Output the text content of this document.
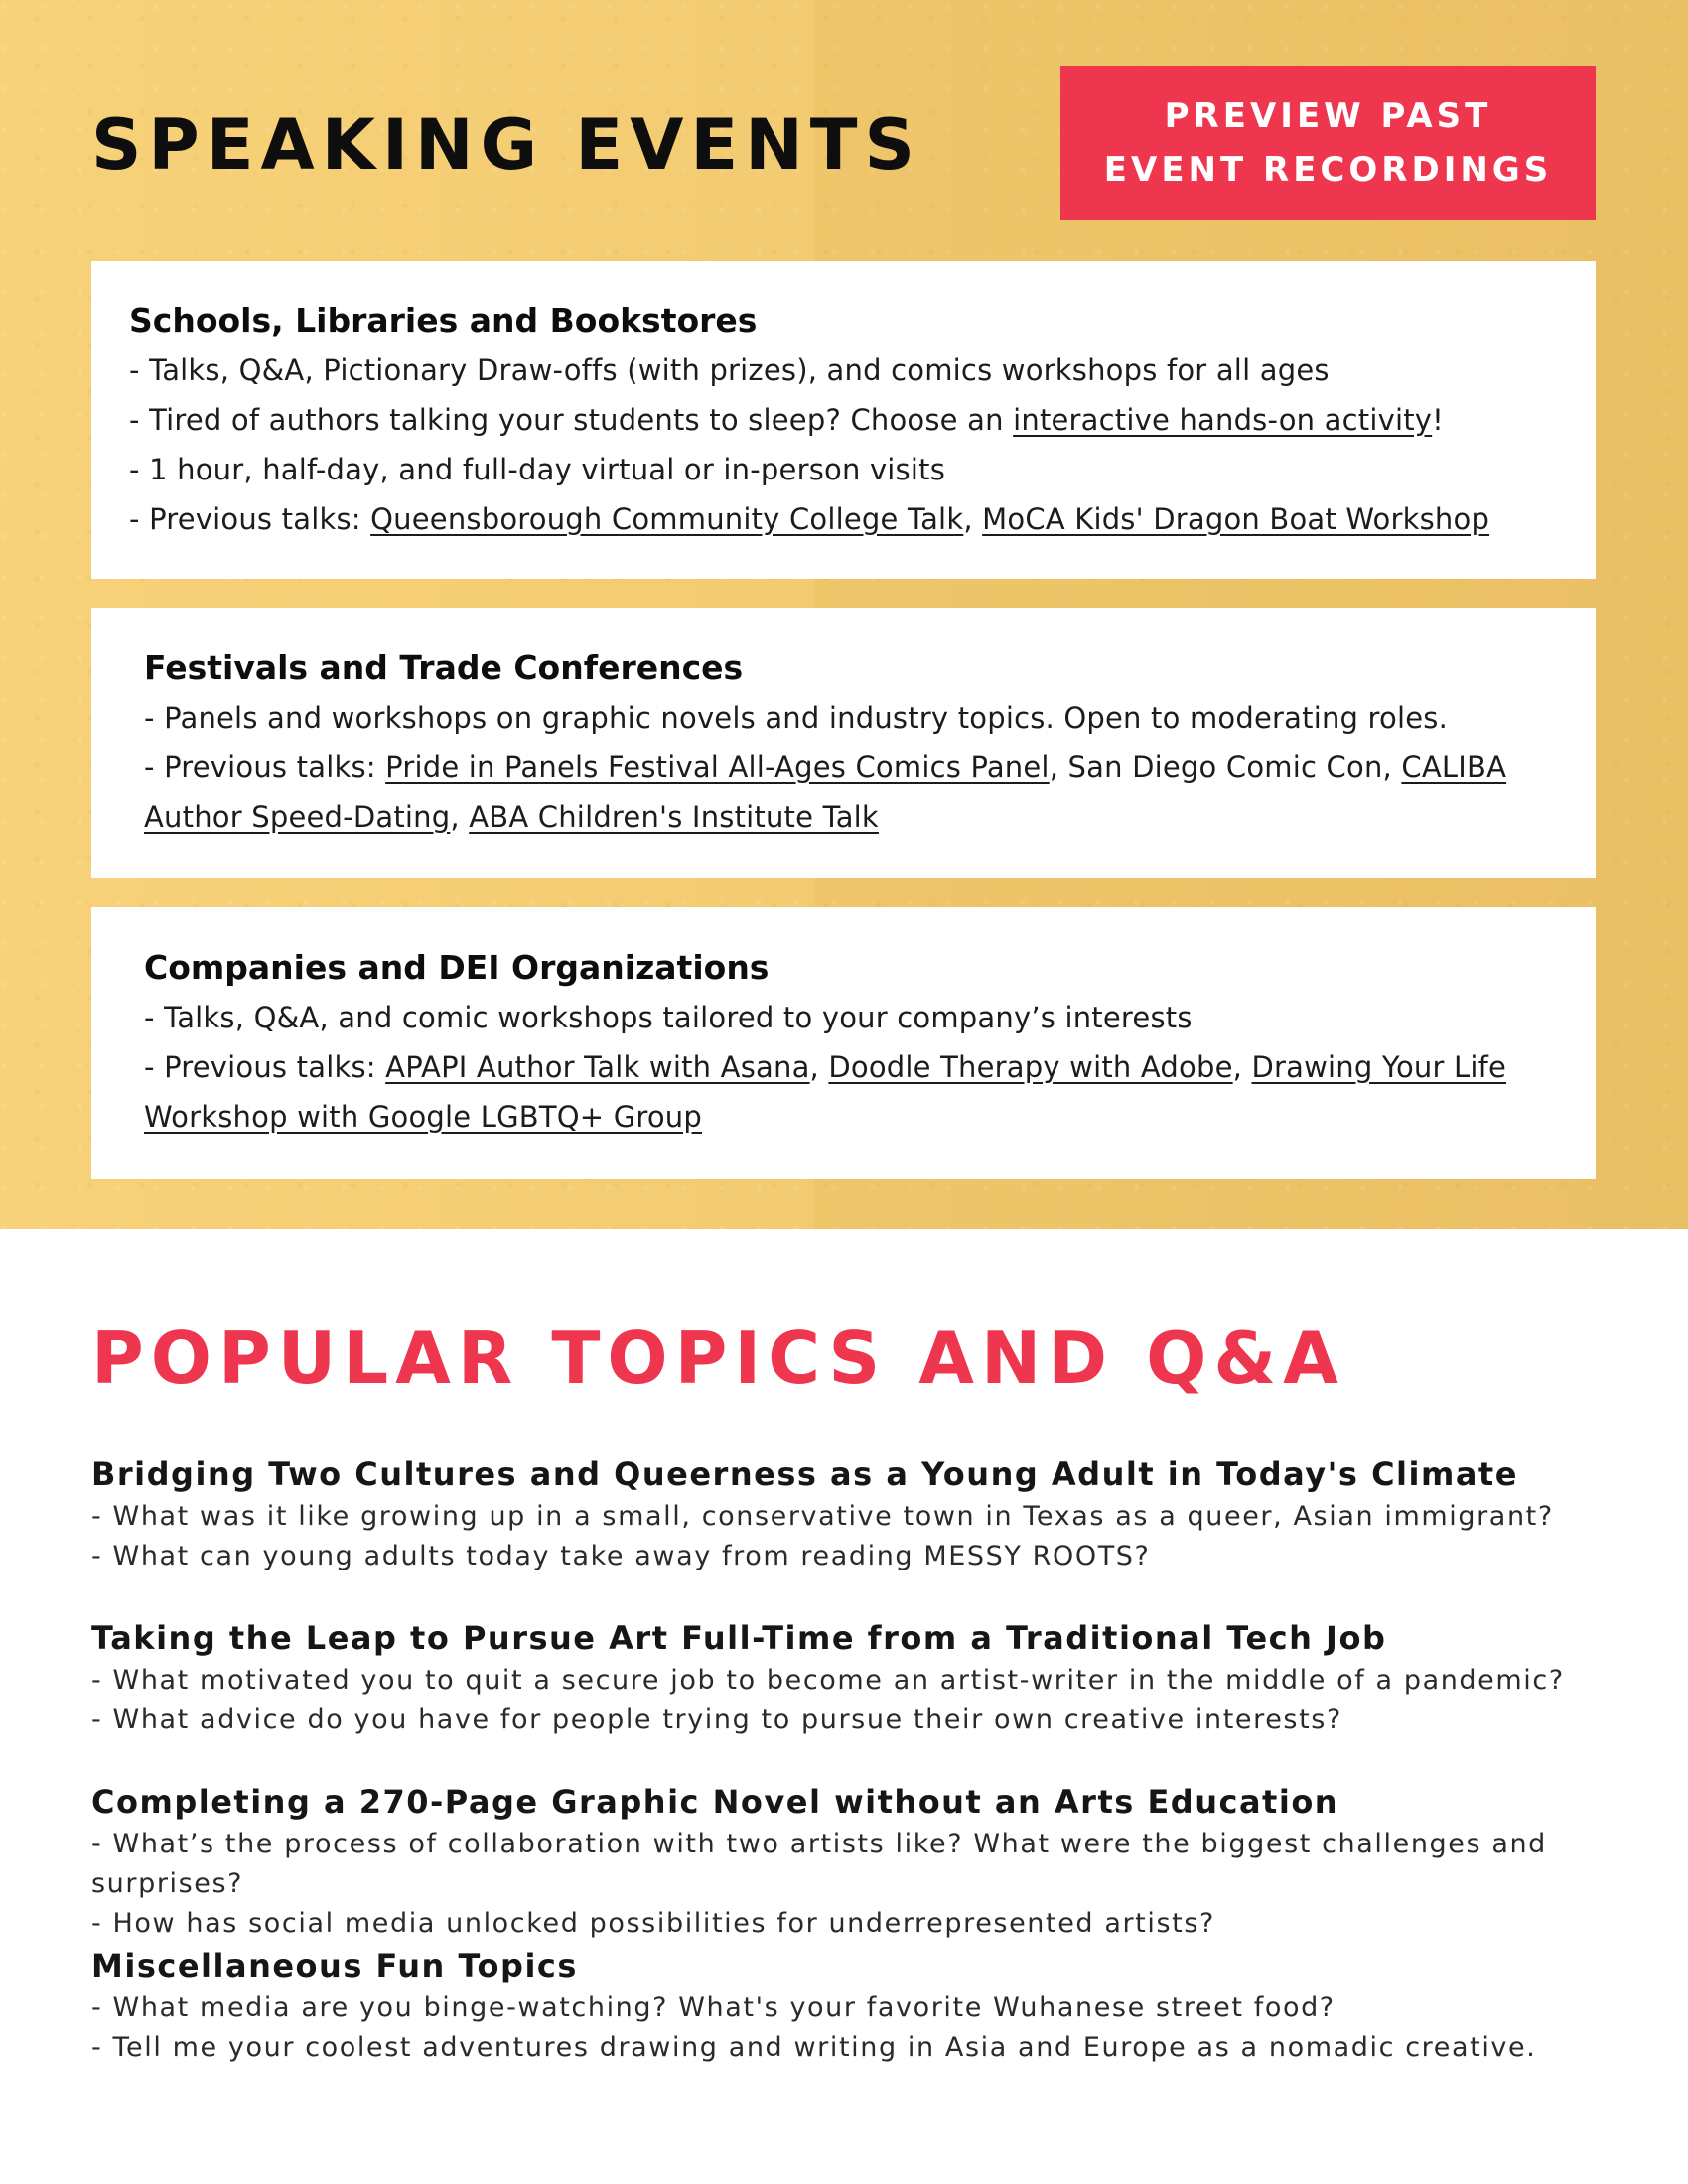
SPEAKING EVENTS	PREVIEW PAST
EVENT RECORDINGS
Schools, Libraries and Bookstores
- Talks, Q&A, Pictionary Draw-offs (with prizes), and comics workshops for all ages
- Tired of authors talking your students to sleep? Choose an interactive hands-on activity!
- 1 hour, half-day, and full-day virtual or in-person visits
- Previous talks: Queensborough Community College Talk, MoCA Kids' Dragon Boat Workshop
Festivals and Trade Conferences
- Panels and workshops on graphic novels and industry topics. Open to moderating roles.
- Previous talks: Pride in Panels Festival All-Ages Comics Panel, San Diego Comic Con, CALIBA Author Speed-Dating, ABA Children's Institute Talk
Companies and DEI Organizations
- Talks, Q&A, and comic workshops tailored to your company’s interests
- Previous talks: APAPI Author Talk with Asana, Doodle Therapy with Adobe, Drawing Your Life Workshop with Google LGBTQ+ Group
POPULAR TOPICS AND Q&A
Bridging Two Cultures and Queerness as a Young Adult in Today's Climate
- What was it like growing up in a small, conservative town in Texas as a queer, Asian immigrant?
- What can young adults today take away from reading MESSY ROOTS?
Taking the Leap to Pursue Art Full-Time from a Traditional Tech Job
- What motivated you to quit a secure job to become an artist-writer in the middle of a pandemic?
- What advice do you have for people trying to pursue their own creative interests?
Completing a 270-Page Graphic Novel without an Arts Education
- What’s the process of collaboration with two artists like? What were the biggest challenges and surprises?
- How has social media unlocked possibilities for underrepresented artists?
Miscellaneous Fun Topics
- What media are you binge-watching? What's your favorite Wuhanese street food?
- Tell me your coolest adventures drawing and writing in Asia and Europe as a nomadic creative.
